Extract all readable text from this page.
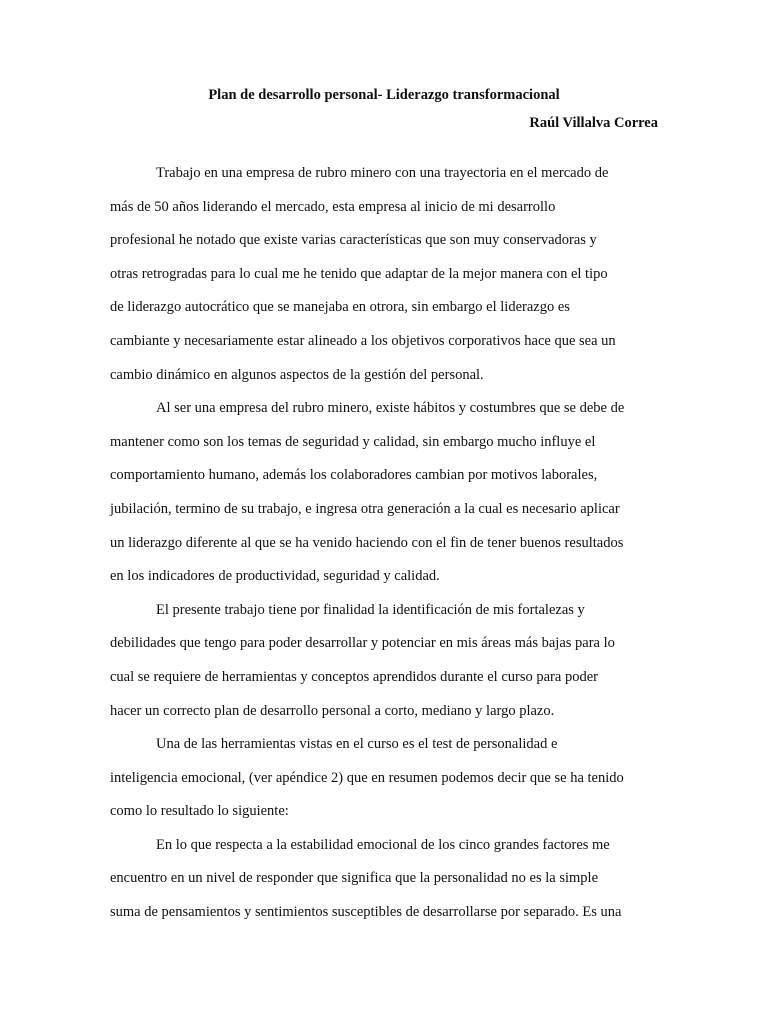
Plan de desarrollo personal- Liderazgo transformacional
Raúl Villalva Correa

Trabajo en una empresa de rubro minero con una trayectoria en el mercado de
más de 50 años liderando el mercado, esta empresa al inicio de mi desarrollo
profesional he notado que existe varias características que son muy conservadoras y
otras retrogradas para lo cual me he tenido que adaptar de la mejor manera con el tipo
de liderazgo autocrático que se manejaba en otrora, sin embargo el liderazgo es
cambiante y necesariamente estar alineado a los objetivos corporativos hace que sea un
cambio dinámico en algunos aspectos de la gestión del personal.

Al ser una empresa del rubro minero, existe hábitos y costumbres que se debe de
mantener como son los temas de seguridad y calidad, sin embargo mucho influye el
comportamiento humano, además los colaboradores cambian por motivos laborales,
jubilación, termino de su trabajo, e ingresa otra generación a la cual es necesario aplicar
un liderazgo diferente al que se ha venido haciendo con el fin de tener buenos resultados
en los indicadores de productividad, seguridad y calidad.

El presente trabajo tiene por finalidad la identificación de mis fortalezas y
debilidades que tengo para poder desarrollar y potenciar en mis áreas más bajas para lo
cual se requiere de herramientas y conceptos aprendidos durante el curso para poder
hacer un correcto plan de desarrollo personal a corto, mediano y largo plazo.

Una de las herramientas vistas en el curso es el test de personalidad e
inteligencia emocional, (ver apéndice 2) que en resumen podemos decir que se ha tenido
como lo resultado lo siguiente:

En lo que respecta a la estabilidad emocional de los cinco grandes factores me
encuentro en un nivel de responder que significa que la personalidad no es la simple
suma de pensamientos y sentimientos susceptibles de desarrollarse por separado. Es una
